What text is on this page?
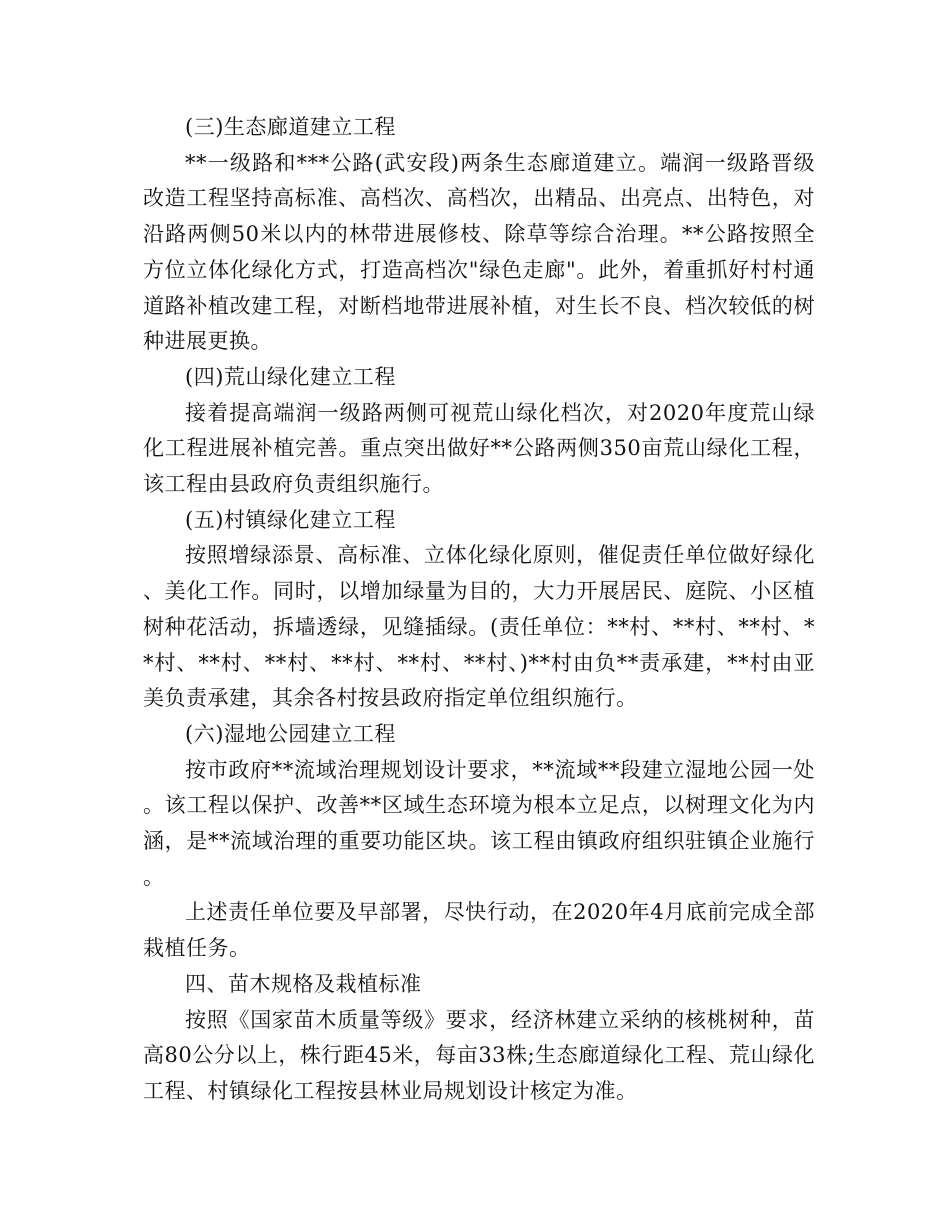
(三)生态廊道建立工程

**一级路和***公路(武安段)两条生态廊道建立。端润一级路晋级改造工程坚持高标准、高档次、高档次，出精品、出亮点、出特色，对沿路两侧50米以内的林带进展修枝、除草等综合治理。**公路按照全方位立体化绿化方式，打造高档次"绿色走廊"。此外，着重抓好村村通道路补植改建工程，对断档地带进展补植，对生长不良、档次较低的树种进展更换。

(四)荒山绿化建立工程

接着提高端润一级路两侧可视荒山绿化档次，对2020年度荒山绿化工程进展补植完善。重点突出做好**公路两侧350亩荒山绿化工程，该工程由县政府负责组织施行。

(五)村镇绿化建立工程

按照增绿添景、高标准、立体化绿化原则，催促责任单位做好绿化、美化工作。同时，以增加绿量为目的，大力开展居民、庭院、小区植树种花活动，拆墙透绿，见缝插绿。(责任单位：**村、**村、**村、**村、**村、**村、**村、**村、**村、)**村由负**责承建，**村由亚美负责承建，其余各村按县政府指定单位组织施行。

(六)湿地公园建立工程

按市政府**流域治理规划设计要求，**流域**段建立湿地公园一处。该工程以保护、改善**区域生态环境为根本立足点，以树理文化为内涵，是**流域治理的重要功能区块。该工程由镇政府组织驻镇企业施行。

上述责任单位要及早部署，尽快行动，在2020年4月底前完成全部栽植任务。

四、苗木规格及栽植标准

按照《国家苗木质量等级》要求，经济林建立采纳的核桃树种，苗高80公分以上，株行距45米，每亩33株;生态廊道绿化工程、荒山绿化工程、村镇绿化工程按县林业局规划设计核定为准。
